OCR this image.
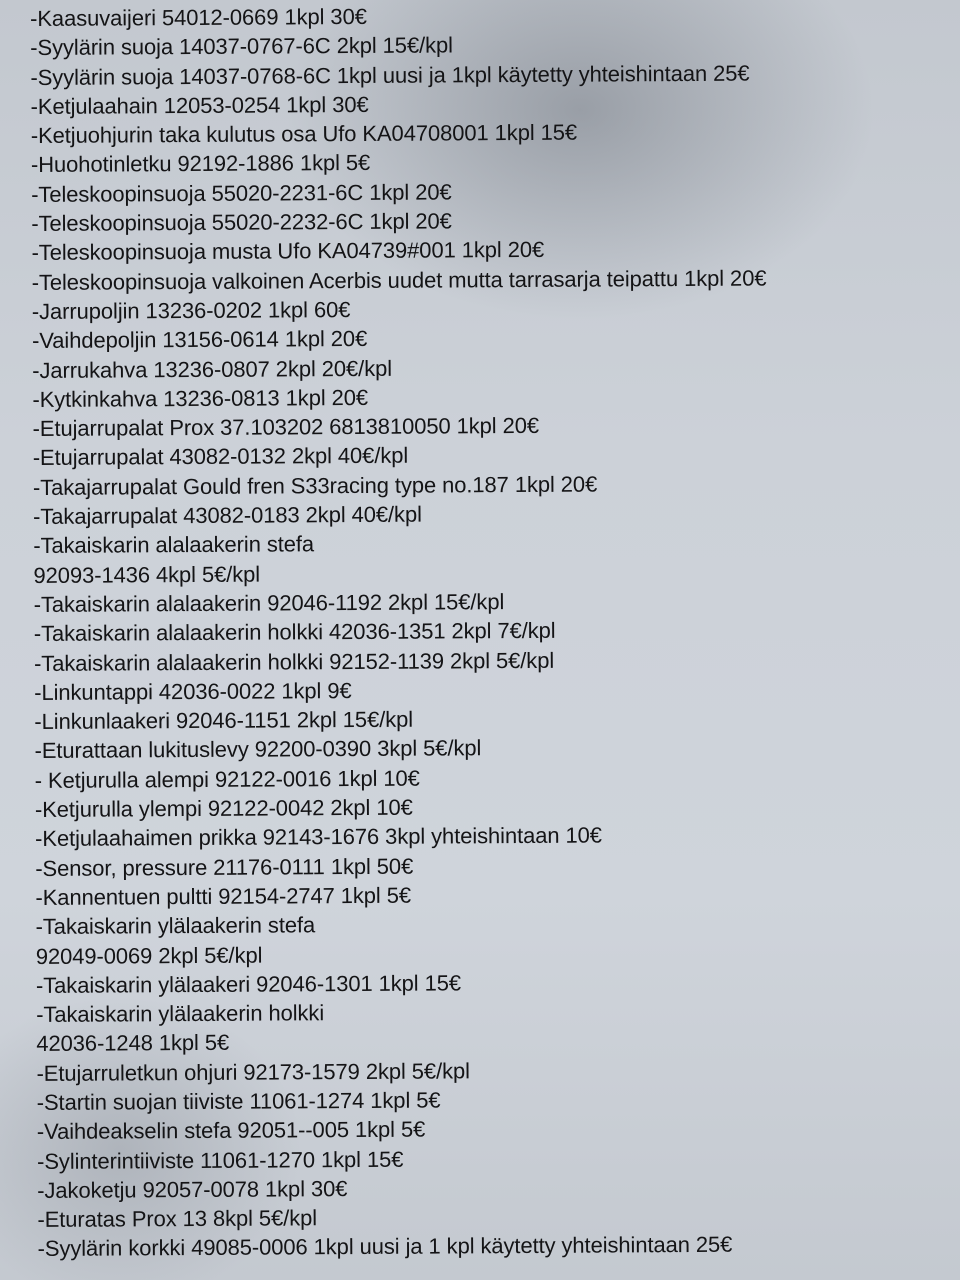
-Kaasuvaijeri 54012-0669 1kpl 30€
-Syylärin suoja 14037-0767-6C 2kpl 15€/kpl
-Syylärin suoja 14037-0768-6C 1kpl uusi ja 1kpl käytetty yhteishintaan 25€
-Ketjulaahain 12053-0254 1kpl 30€
-Ketjuohjurin taka kulutus osa Ufo KA04708001 1kpl 15€
-Huohotinletku 92192-1886 1kpl 5€
-Teleskoopinsuoja 55020-2231-6C 1kpl 20€
-Teleskoopinsuoja 55020-2232-6C 1kpl 20€
-Teleskoopinsuoja musta Ufo KA04739#001 1kpl 20€
-Teleskoopinsuoja valkoinen Acerbis uudet mutta tarrasarja teipattu 1kpl 20€
-Jarrupoljin 13236-0202 1kpl 60€
-Vaihdepoljin 13156-0614 1kpl 20€
-Jarrukahva 13236-0807 2kpl 20€/kpl
-Kytkinkahva 13236-0813 1kpl 20€
-Etujarrupalat Prox 37.103202 6813810050 1kpl 20€
-Etujarrupalat 43082-0132 2kpl 40€/kpl
-Takajarrupalat Gould fren S33racing type no.187 1kpl 20€
-Takajarrupalat 43082-0183 2kpl 40€/kpl
-Takaiskarin alalaakerin stefa
92093-1436 4kpl 5€/kpl
-Takaiskarin alalaakerin 92046-1192 2kpl 15€/kpl
-Takaiskarin alalaakerin holkki 42036-1351 2kpl 7€/kpl
-Takaiskarin alalaakerin holkki 92152-1139 2kpl 5€/kpl
-Linkuntappi 42036-0022 1kpl 9€
-Linkunlaakeri 92046-1151 2kpl 15€/kpl
-Eturattaan lukituslevy 92200-0390 3kpl 5€/kpl
- Ketjurulla alempi 92122-0016 1kpl 10€
-Ketjurulla ylempi 92122-0042 2kpl 10€
-Ketjulaahaimen prikka 92143-1676 3kpl yhteishintaan 10€
-Sensor, pressure 21176-0111 1kpl 50€
-Kannentuen pultti 92154-2747 1kpl 5€
-Takaiskarin ylälaakerin stefa
92049-0069 2kpl 5€/kpl
-Takaiskarin ylälaakeri 92046-1301 1kpl 15€
-Takaiskarin ylälaakerin holkki
42036-1248 1kpl 5€
-Etujarruletkun ohjuri 92173-1579 2kpl 5€/kpl
-Startin suojan tiiviste 11061-1274 1kpl 5€
-Vaihdeakselin stefa 92051--005 1kpl 5€
-Sylinterintiiviste 11061-1270 1kpl 15€
-Jakoketju 92057-0078 1kpl 30€
-Eturatas Prox 13 8kpl 5€/kpl
-Syylärin korkki 49085-0006 1kpl uusi ja 1 kpl käytetty yhteishintaan 25€
